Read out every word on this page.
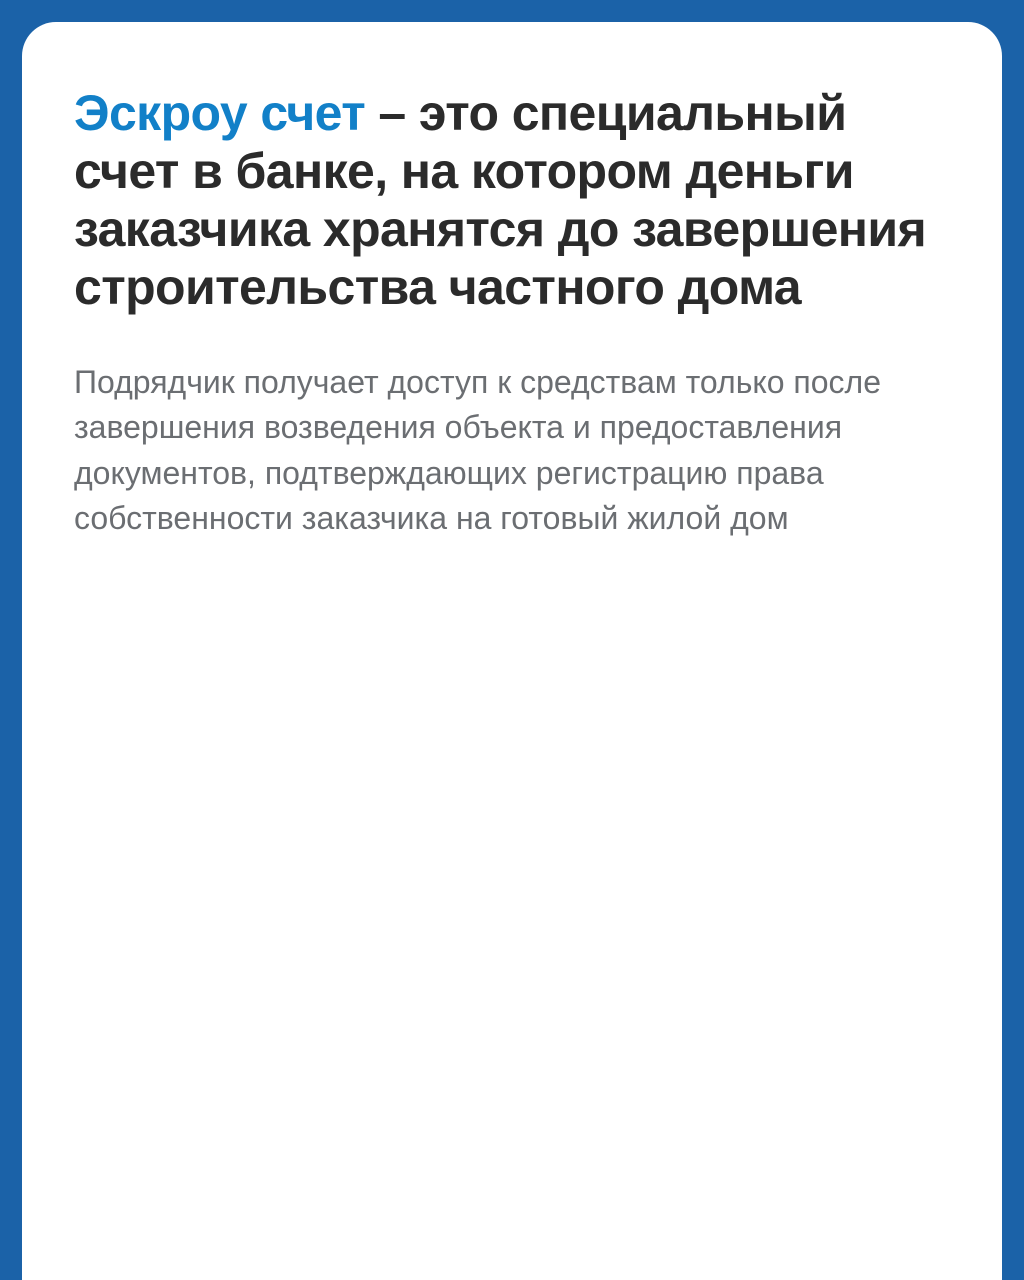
Эскроу счет – это специальный счет в банке, на котором деньги заказчика хранятся до завершения строительства частного дома

Подрядчик получает доступ к средствам только после завершения возведения объекта и предоставления документов, подтверждающих регистрацию права собственности заказчика на готовый жилой дом
